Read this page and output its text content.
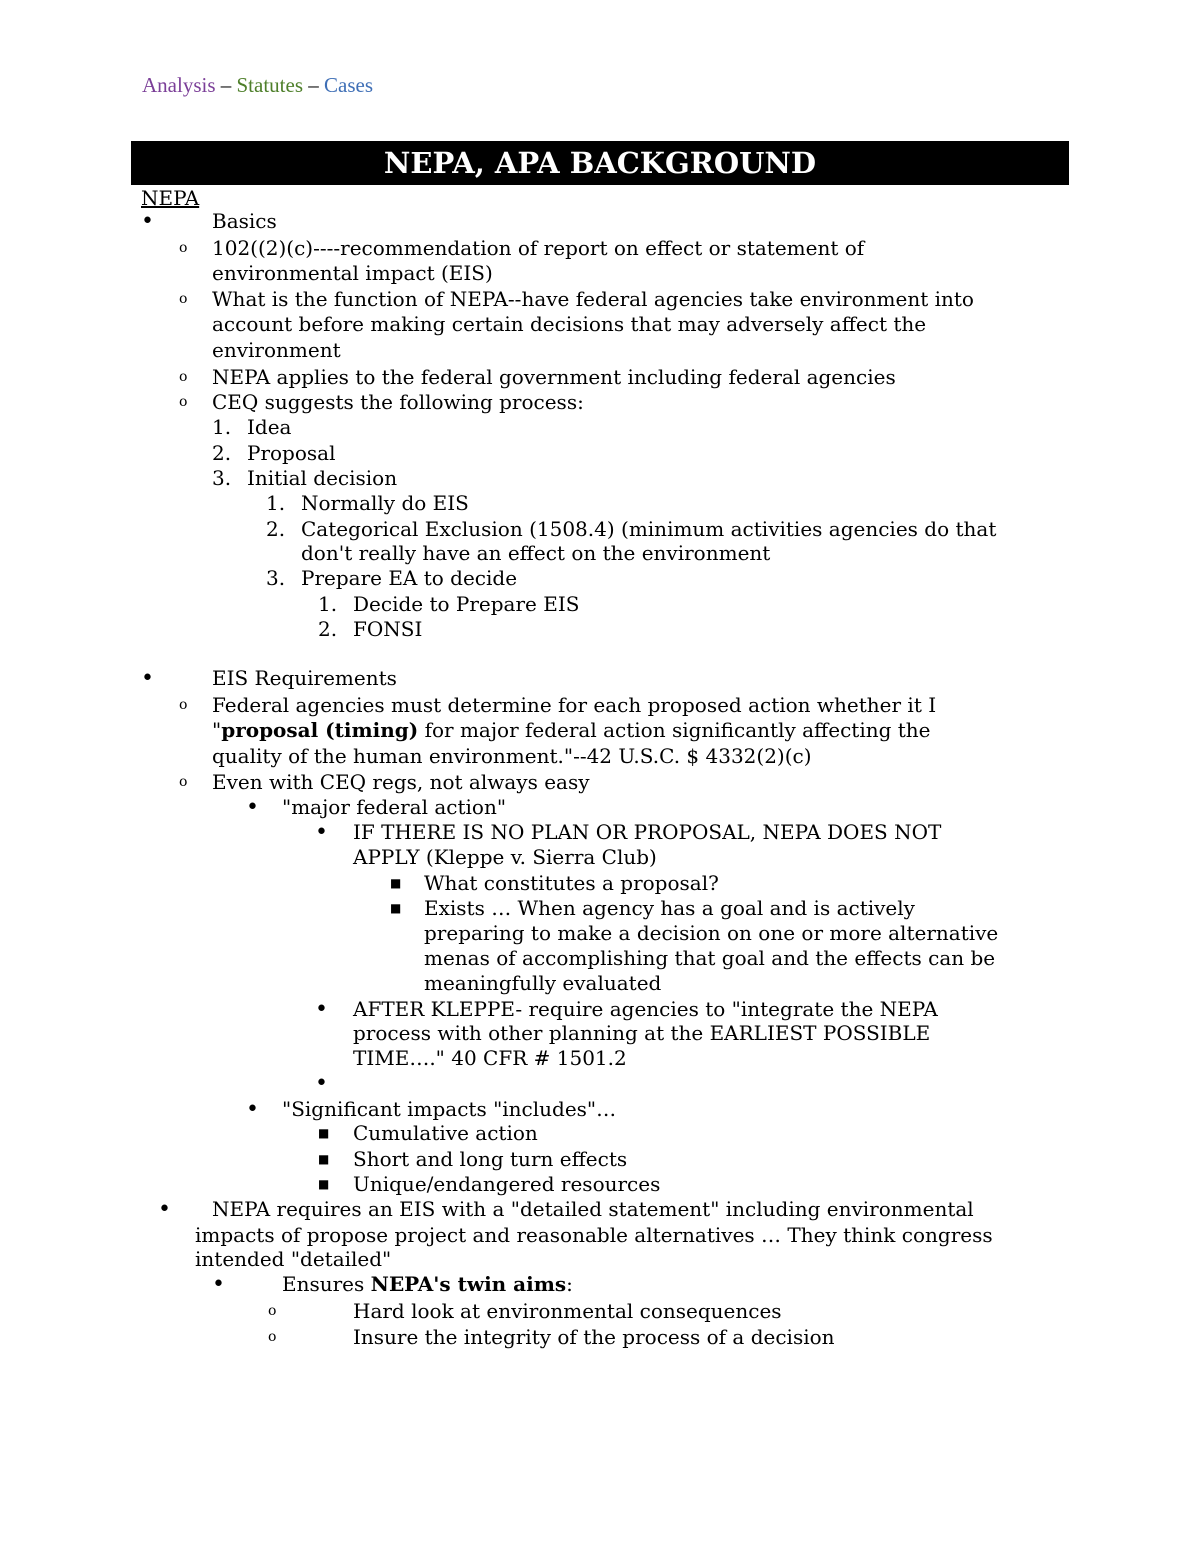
Analysis – Statutes – Cases
NEPA, APA BACKGROUND
NEPA
•	Basics
o 102((2)(c)----recommendation of report on effect or statement of
environmental impact (EIS)
o What is the function of NEPA--have federal agencies take environment into
account before making certain decisions that may adversely affect the
environment
o NEPA applies to the federal government including federal agencies
o CEQ suggests the following process:
1. Idea
2. Proposal
3. Initial decision
1. Normally do EIS
2. Categorical Exclusion (1508.4) (minimum activities agencies do that
don't really have an effect on the environment
3. Prepare EA to decide
1. Decide to Prepare EIS
2. FONSI
•	EIS Requirements
o Federal agencies must determine for each proposed action whether it I
"proposal (timing) for major federal action significantly affecting the
quality of the human environment."--42 U.S.C. $ 4332(2)(c)
o Even with CEQ regs, not always easy
• "major federal action"
• IF THERE IS NO PLAN OR PROPOSAL, NEPA DOES NOT
APPLY (Kleppe v. Sierra Club)
■ What constitutes a proposal?
■ Exists … When agency has a goal and is actively
preparing to make a decision on one or more alternative
menas of accomplishing that goal and the effects can be
meaningfully evaluated
• AFTER KLEPPE- require agencies to "integrate the NEPA
process with other planning at the EARLIEST POSSIBLE
TIME…." 40 CFR # 1501.2
•
• "Significant impacts "includes"…
■ Cumulative action
■ Short and long turn effects
■ Unique/endangered resources
• NEPA requires an EIS with a "detailed statement" including environmental
impacts of propose project and reasonable alternatives … They think congress
intended "detailed"
•	Ensures NEPA's twin aims:
o	Hard look at environmental consequences
o	Insure the integrity of the process of a decision
